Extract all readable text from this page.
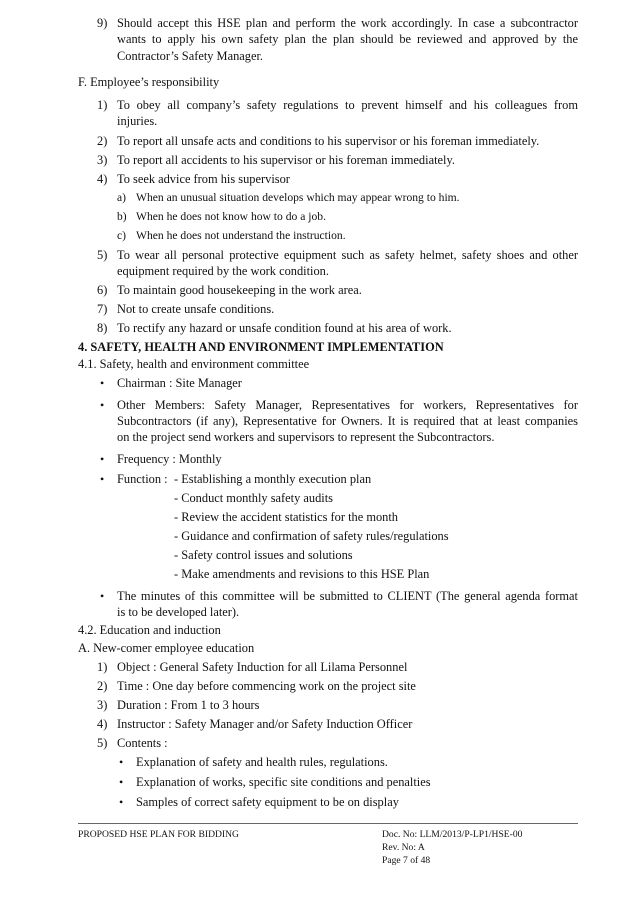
9) Should accept this HSE plan and perform the work accordingly. In case a subcontractor
wants to apply his own safety plan the plan should be reviewed and approved by the
Contractor’s Safety Manager.
F. Employee’s responsibility
1) To obey all company’s safety regulations to prevent himself and his colleagues from
injuries.
2) To report all unsafe acts and conditions to his supervisor or his foreman immediately.
3) To report all accidents to his supervisor or his foreman immediately.
4) To seek advice from his supervisor
a) When an unusual situation develops which may appear wrong to him.
b) When he does not know how to do a job.
c) When he does not understand the instruction.
5) To wear all personal protective equipment such as safety helmet, safety shoes and other
equipment required by the work condition.
6) To maintain good housekeeping in the work area.
7) Not to create unsafe conditions.
8) To rectify any hazard or unsafe condition found at his area of work.
4. SAFETY, HEALTH AND ENVIRONMENT IMPLEMENTATION
4.1. Safety, health and environment committee
• Chairman : Site Manager
• Other Members: Safety Manager, Representatives for workers, Representatives for
Subcontractors (if any), Representative for Owners. It is required that at least companies
on the project send workers and supervisors to represent the Subcontractors.
• Frequency : Monthly
• Function : - Establishing a monthly execution plan
- Conduct monthly safety audits
- Review the accident statistics for the month
- Guidance and confirmation of safety rules/regulations
- Safety control issues and solutions
- Make amendments and revisions to this HSE Plan
• The minutes of this committee will be submitted to CLIENT (The general agenda format
is to be developed later).
4.2. Education and induction
A. New-comer employee education
1) Object : General Safety Induction for all Lilama Personnel
2) Time : One day before commencing work on the project site
3) Duration : From 1 to 3 hours
4) Instructor : Safety Manager and/or Safety Induction Officer
5) Contents :
• Explanation of safety and health rules, regulations.
• Explanation of works, specific site conditions and penalties
• Samples of correct safety equipment to be on display
PROPOSED HSE PLAN FOR BIDDING	Doc. No: LLM/2013/P-LP1/HSE-00
Rev. No: A
Page 7 of 48
